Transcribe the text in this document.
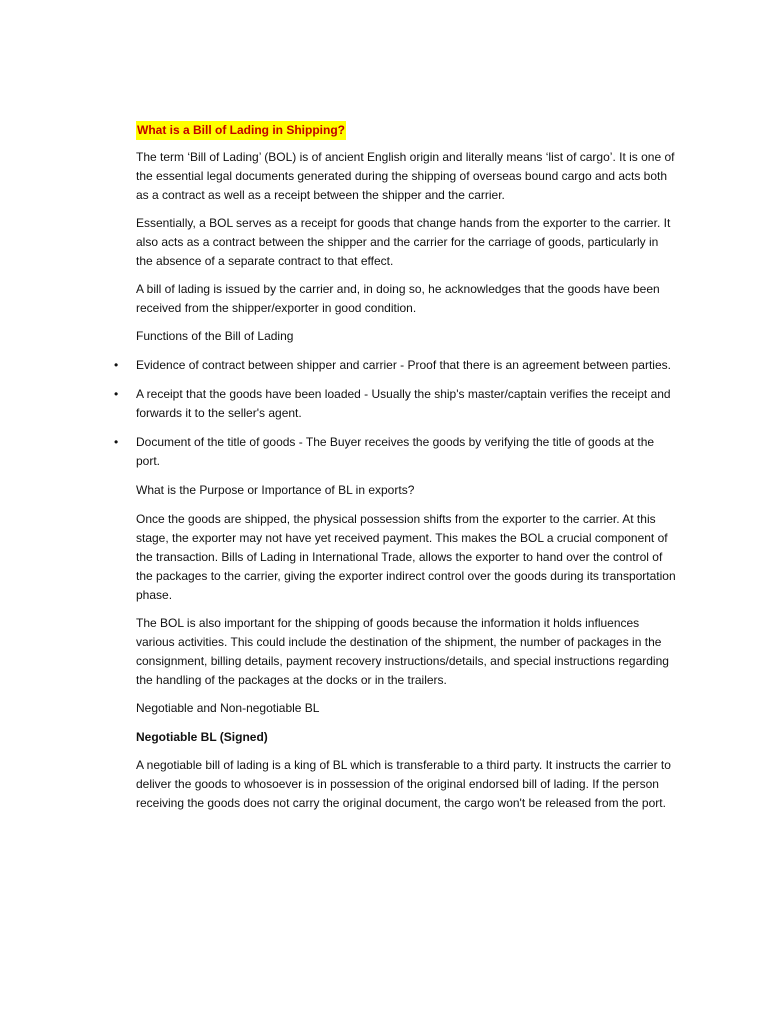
What is a Bill of Lading in Shipping?

The term ‘Bill of Lading’ (BOL) is of ancient English origin and literally means ‘list of cargo’. It is one of the essential legal documents generated during the shipping of overseas bound cargo and acts both as a contract as well as a receipt between the shipper and the carrier.

Essentially, a BOL serves as a receipt for goods that change hands from the exporter to the carrier. It also acts as a contract between the shipper and the carrier for the carriage of goods, particularly in the absence of a separate contract to that effect.

A bill of lading is issued by the carrier and, in doing so, he acknowledges that the goods have been received from the shipper/exporter in good condition.

Functions of the Bill of Lading

• Evidence of contract between shipper and carrier - Proof that there is an agreement between parties.
• A receipt that the goods have been loaded - Usually the ship's master/captain verifies the receipt and forwards it to the seller's agent.
• Document of the title of goods - The Buyer receives the goods by verifying the title of goods at the port.

What is the Purpose or Importance of BL in exports?

Once the goods are shipped, the physical possession shifts from the exporter to the carrier. At this stage, the exporter may not have yet received payment. This makes the BOL a crucial component of the transaction. Bills of Lading in International Trade, allows the exporter to hand over the control of the packages to the carrier, giving the exporter indirect control over the goods during its transportation phase.

The BOL is also important for the shipping of goods because the information it holds influences various activities. This could include the destination of the shipment, the number of packages in the consignment, billing details, payment recovery instructions/details, and special instructions regarding the handling of the packages at the docks or in the trailers.

Negotiable and Non-negotiable BL

Negotiable BL (Signed)

A negotiable bill of lading is a king of BL which is transferable to a third party. It instructs the carrier to deliver the goods to whosoever is in possession of the original endorsed bill of lading. If the person receiving the goods does not carry the original document, the cargo won't be released from the port.
